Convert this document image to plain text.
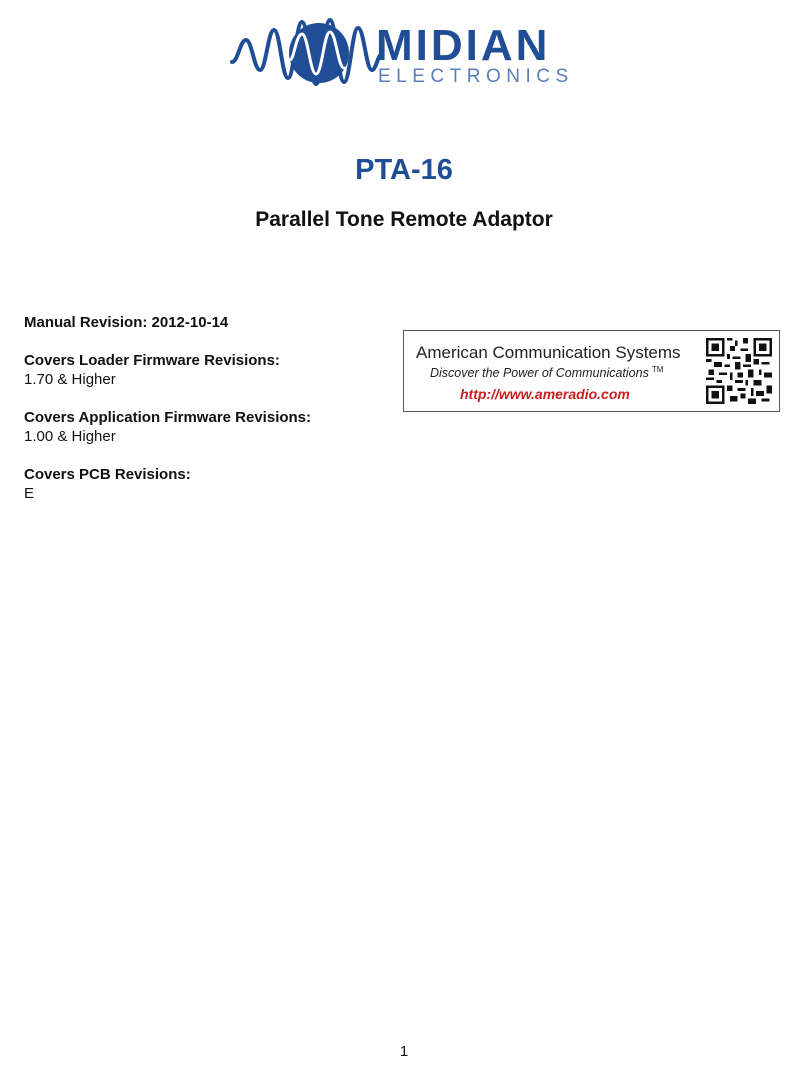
MIDIAN
ELECTRONICS
PTA-16
Parallel Tone Remote Adaptor
Manual Revision: 2012-10-14
Covers Loader Firmware Revisions:
1.70 & Higher
Covers Application Firmware Revisions:
1.00 & Higher
Covers PCB Revisions:
E
American Communication Systems
Discover the Power of Communications ™
http://www.ameradio.com
1
